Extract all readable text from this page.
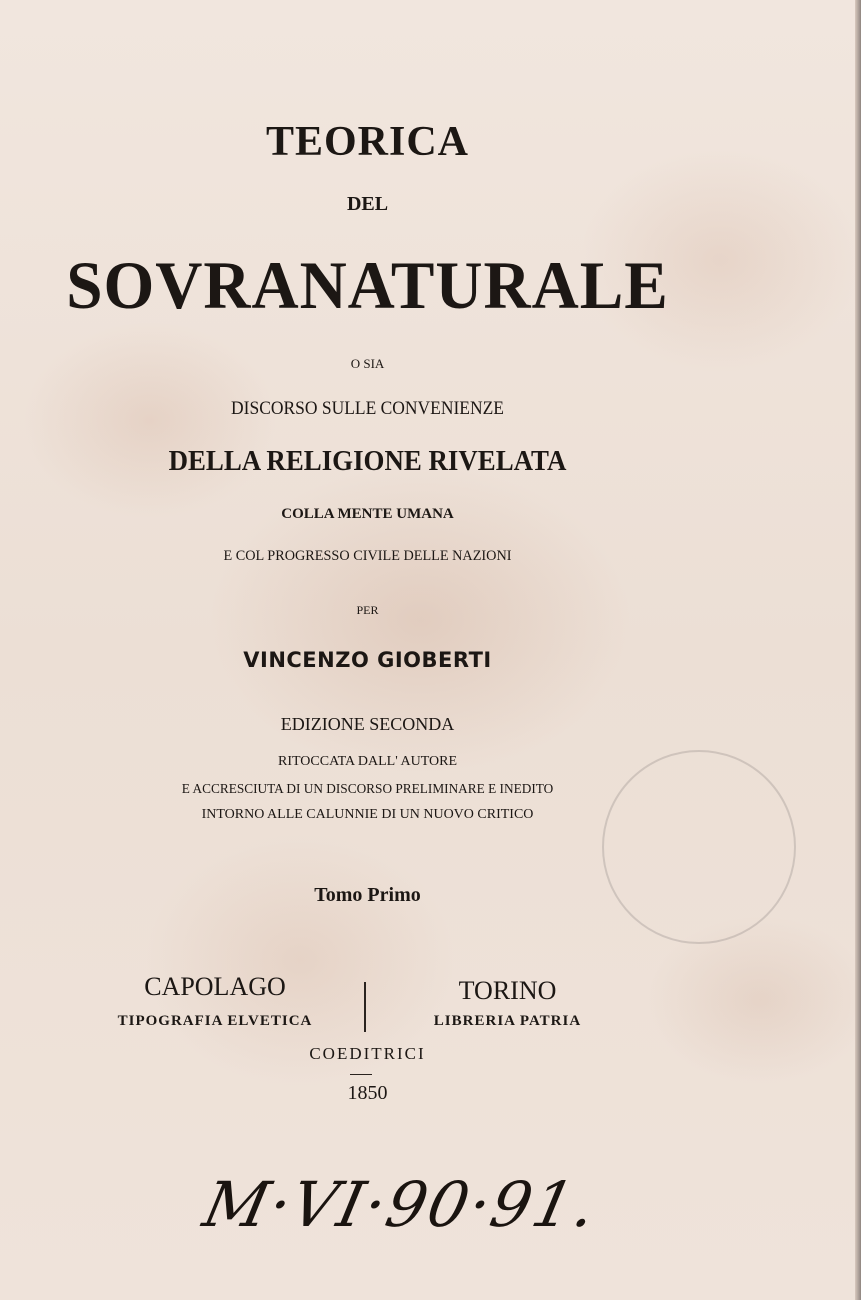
TEORICA

DEL

SOVRANATURALE

O SIA

DISCORSO SULLE CONVENIENZE

DELLA RELIGIONE RIVELATA

COLLA MENTE UMANA

E COL PROGRESSO CIVILE DELLE NAZIONI

PER

VINCENZO GIOBERTI

EDIZIONE SECONDA

RITOCCATA DALL' AUTORE

E ACCRESCIUTA DI UN DISCORSO PRELIMINARE E INEDITO

INTORNO ALLE CALUNNIE DI UN NUOVO CRITICO

Tomo Primo

CAPOLAGO
TIPOGRAFIA ELVETICA
TORINO
LIBRERIA PATRIA

COEDITRICI

1850

M·VI·90·91.
